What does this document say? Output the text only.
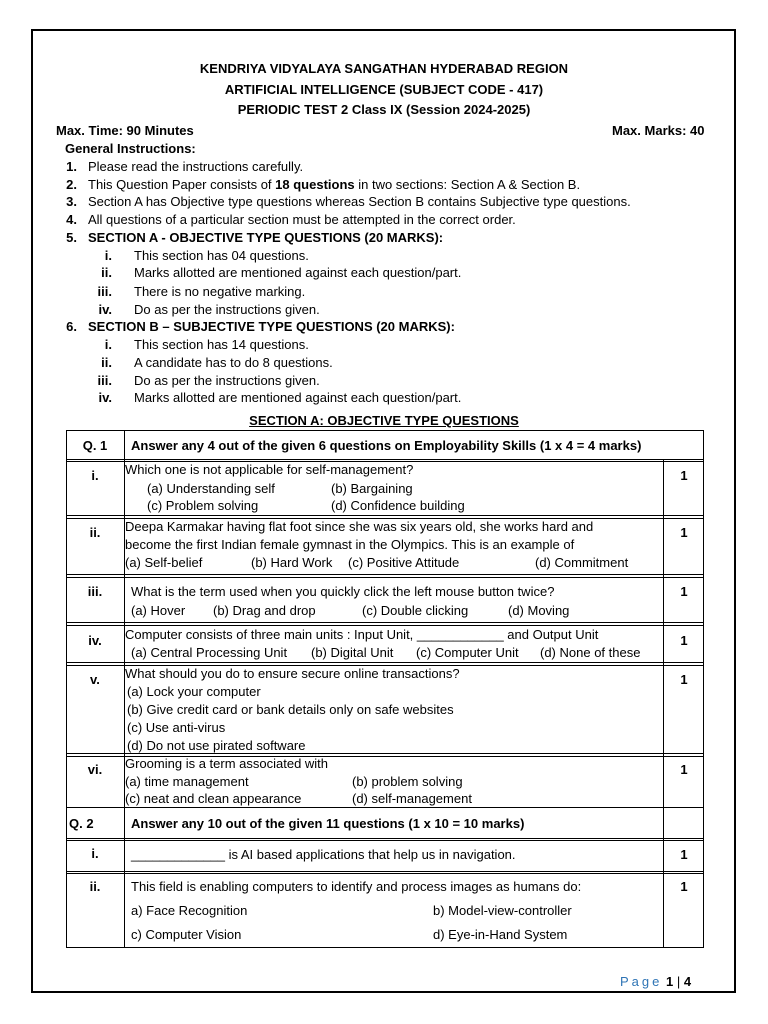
KENDRIYA VIDYALAYA SANGATHAN HYDERABAD REGION
ARTIFICIAL INTELLIGENCE (SUBJECT CODE - 417)
PERIODIC TEST 2 Class IX (Session 2024-2025)
Max. Time: 90 Minutes	Max. Marks: 40
General Instructions:
1. Please read the instructions carefully.
2. This Question Paper consists of 18 questions in two sections: Section A & Section B.
3. Section A has Objective type questions whereas Section B contains Subjective type questions.
4. All questions of a particular section must be attempted in the correct order.
5. SECTION A - OBJECTIVE TYPE QUESTIONS (20 MARKS):
i. This section has 04 questions.
ii. Marks allotted are mentioned against each question/part.
iii. There is no negative marking.
iv. Do as per the instructions given.
6. SECTION B – SUBJECTIVE TYPE QUESTIONS (20 MARKS):
i. This section has 14 questions.
ii. A candidate has to do 8 questions.
iii. Do as per the instructions given.
iv. Marks allotted are mentioned against each question/part.
SECTION A: OBJECTIVE TYPE QUESTIONS
Q. 1	Answer any 4 out of the given 6 questions on Employability Skills (1 x 4 = 4 marks)
i.	Which one is not applicable for self-management?
(a) Understanding self	(b) Bargaining
(c) Problem solving	(d) Confidence building
1
ii.	Deepa Karmakar having flat foot since she was six years old, she works hard and
become the first Indian female gymnast in the Olympics. This is an example of
(a) Self-belief	(b) Hard Work (c) Positive Attitude	(d) Commitment
1
iii.	What is the term used when you quickly click the left mouse button twice?
(a) Hover (b) Drag and drop	(c) Double clicking	(d) Moving
1
iv.	Computer consists of three main units : Input Unit, ____________ and Output Unit
(a) Central Processing Unit (b) Digital Unit (c) Computer Unit (d) None of these
1
v.	What should you do to ensure secure online transactions?
(a) Lock your computer
(b) Give credit card or bank details only on safe websites
(c) Use anti-virus
(d) Do not use pirated software
1
vi.	Grooming is a term associated with
(a) time management	(b) problem solving
(c) neat and clean appearance	(d) self-management
1
Q. 2	Answer any 10 out of the given 11 questions (1 x 10 = 10 marks)
i.	_____________ is AI based applications that help us in navigation.	1
ii.	This field is enabling computers to identify and process images as humans do:
a) Face Recognition	b) Model-view-controller
c) Computer Vision	d) Eye-in-Hand System
1
Page 1 | 4
